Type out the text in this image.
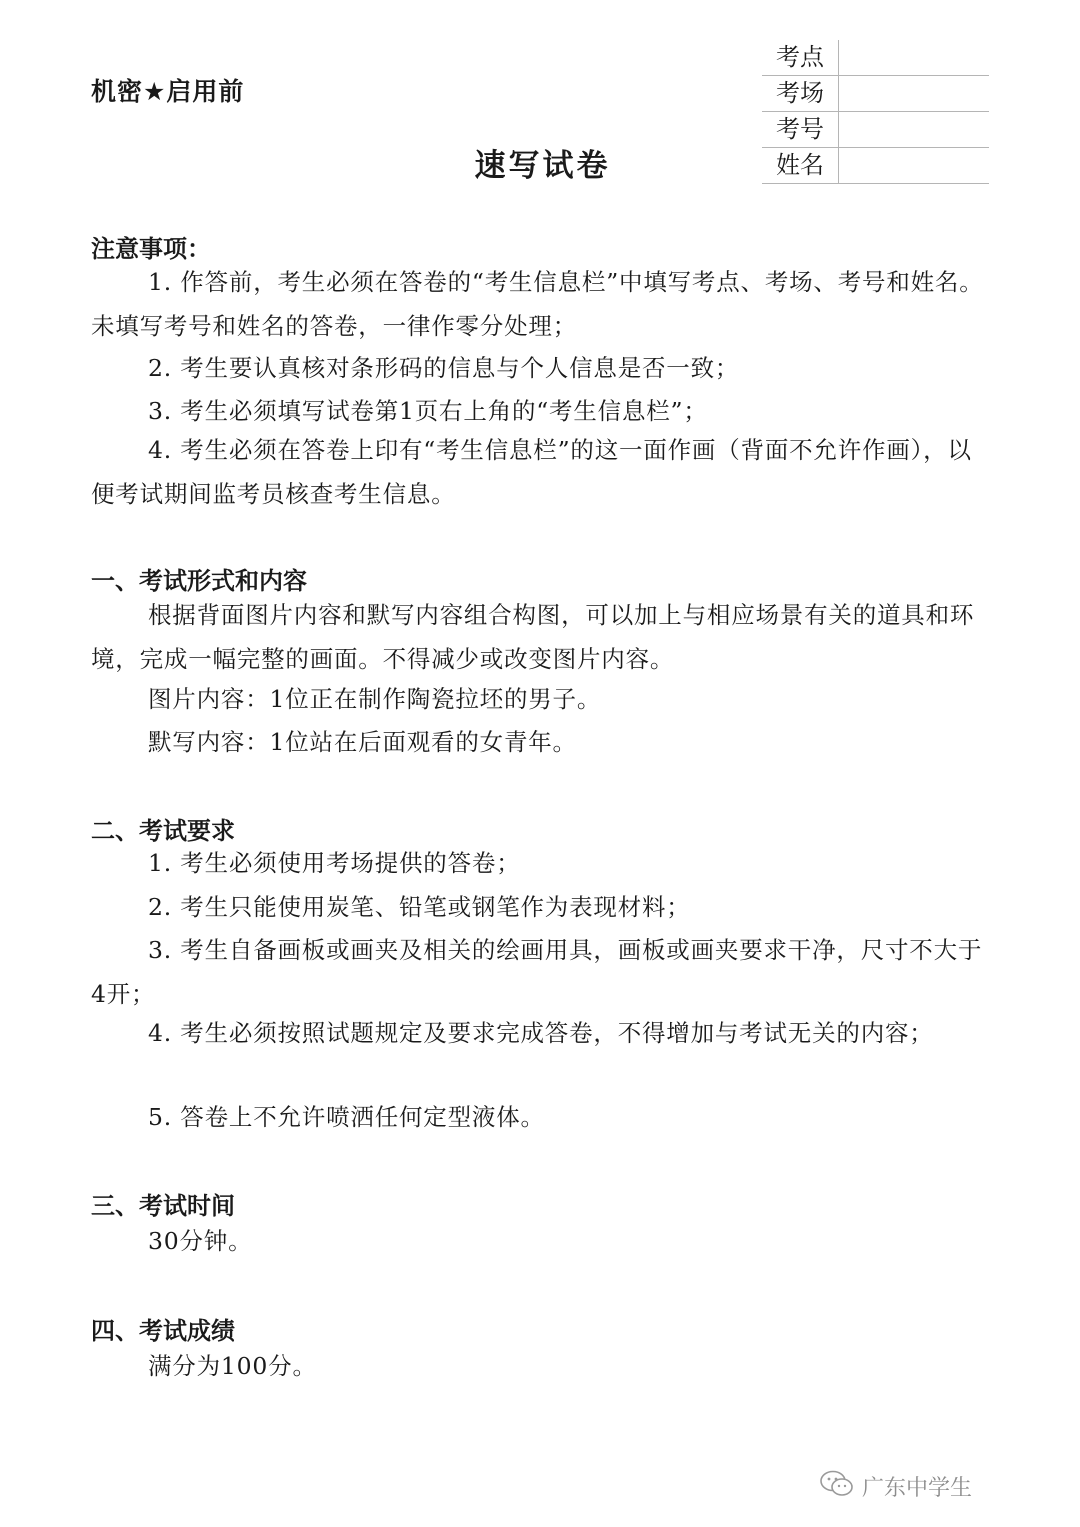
机密★启用前
考点	
考场	
考号	
姓名	
速写试卷
注意事项：
1. 作答前，考生必须在答卷的“考生信息栏”中填写考点、考场、考号和姓名。未填写考号和姓名的答卷，一律作零分处理；
2. 考生要认真核对条形码的信息与个人信息是否一致；
3. 考生必须填写试卷第1页右上角的“考生信息栏”；
4. 考生必须在答卷上印有“考生信息栏”的这一面作画（背面不允许作画），以便考试期间监考员核查考生信息。
一、考试形式和内容
根据背面图片内容和默写内容组合构图，可以加上与相应场景有关的道具和环境，完成一幅完整的画面。不得减少或改变图片内容。
图片内容：1位正在制作陶瓷拉坯的男子。
默写内容：1位站在后面观看的女青年。
二、考试要求
1. 考生必须使用考场提供的答卷；
2. 考生只能使用炭笔、铅笔或钢笔作为表现材料；
3. 考生自备画板或画夹及相关的绘画用具，画板或画夹要求干净，尺寸不大于4开；
4. 考生必须按照试题规定及要求完成答卷，不得增加与考试无关的内容；
5. 答卷上不允许喷洒任何定型液体。
三、考试时间
30分钟。
四、考试成绩
满分为100分。
广东中学生
